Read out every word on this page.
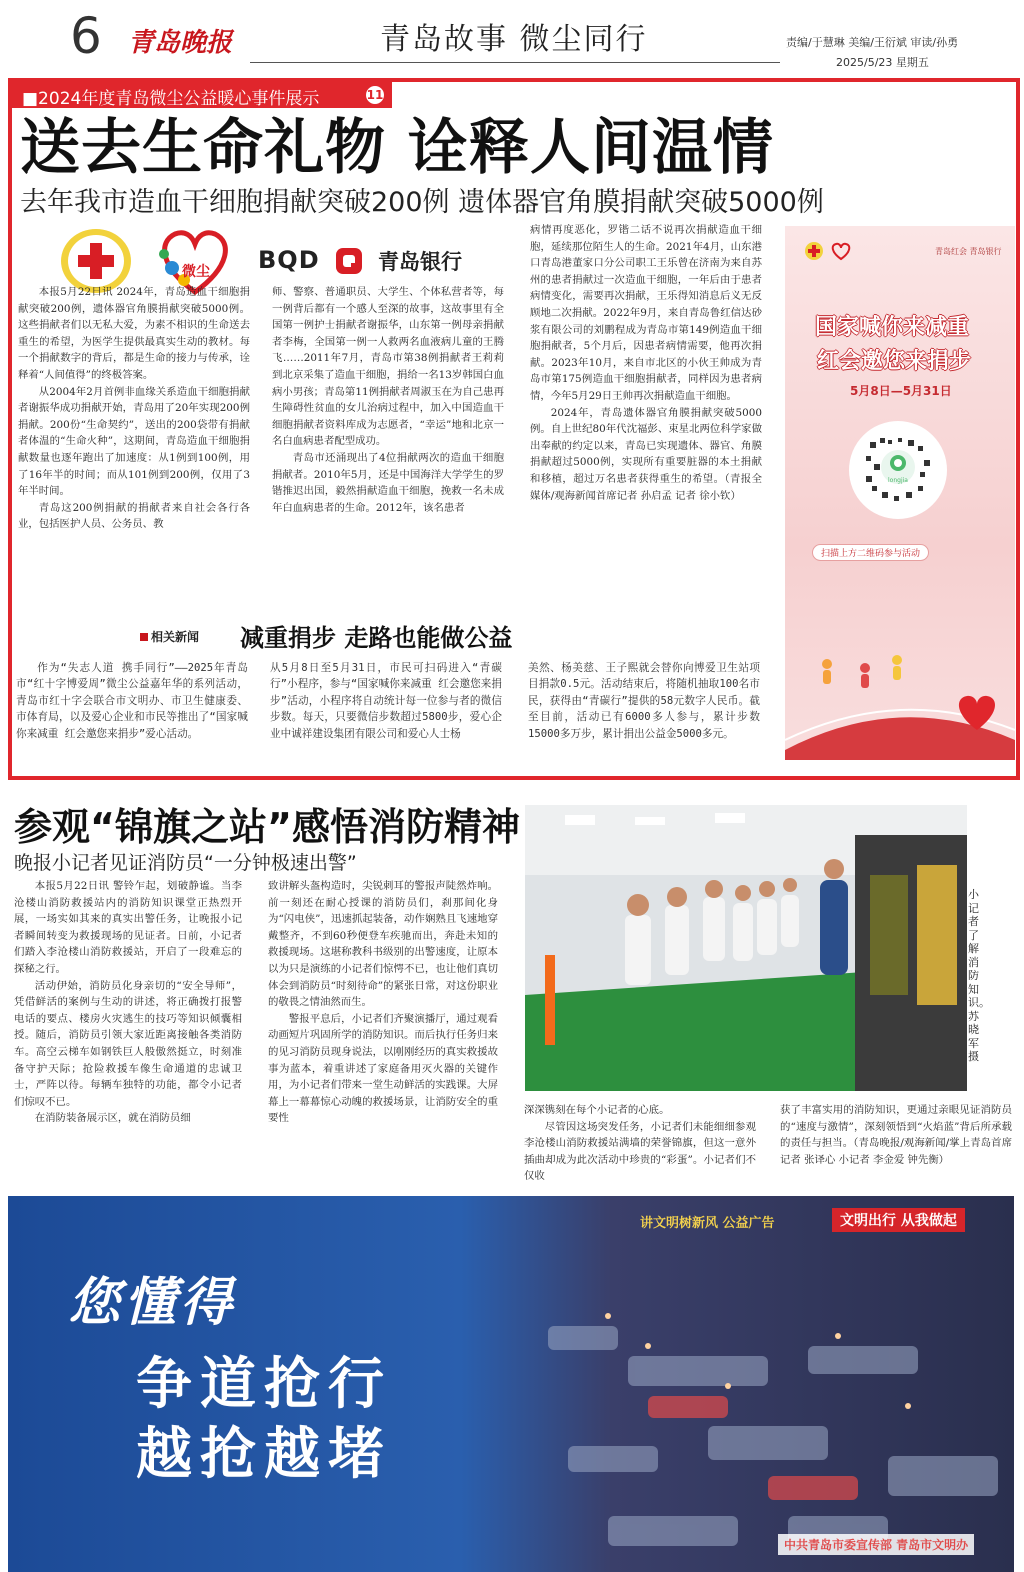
6 青岛晚报	青岛故事 微尘同行	责编/于慧琳 美编/王衍斌 审读/孙勇
2025/5/23 星期五
■2024年度青岛微尘公益暖心事件展示	11
送去生命礼物 诠释人间温情
去年我市造血干细胞捐献突破200例 遗体器官角膜捐献突破5000例
微尘 BQD	青岛银行

本报5月22日讯 2024年，青岛造血干细胞捐献突破200例，遗体器官角膜捐献突破5000例。这些捐献者们以无私大爱，为素不相识的生命送去重生的希望，为医学生提供最真实生动的教材。每一个捐献数字的背后，都是生命的接力与传承，诠释着“人间值得”的终极答案。

从2004年2月首例非血缘关系造血干细胞捐献者谢振华成功捐献开始，青岛用了20年实现200例捐献。200份“生命契约”，送出的200袋带有捐献者体温的“生命火种”，这期间，青岛造血干细胞捐献数量也逐年跑出了加速度：从1例到100例，用了16年半的时间；而从101例到200例，仅用了3年半时间。

青岛这200例捐献的捐献者来自社会各行各业，包括医护人员、公务员、教

师、警察、普通职员、大学生、个体私营者等，每一例背后都有一个感人至深的故事，这故事里有全国第一例护士捐献者谢振华，山东第一例母亲捐献者李梅，全国第一例一人救两名血液病儿童的王腾飞……2011年7月，青岛市第38例捐献者王莉莉到北京采集了造血干细胞，捐给一名13岁韩国白血病小男孩；青岛第11例捐献者周淑玉在为自己患再生障碍性贫血的女儿治病过程中，加入中国造血干细胞捐献者资料库成为志愿者，“幸运”地和北京一名白血病患者配型成功。

青岛市还涌现出了4位捐献两次的造血干细胞捐献者。2010年5月，还是中国海洋大学学生的罗锴推迟出国，毅然捐献造血干细胞，挽救一名未成年白血病患者的生命。2012年，该名患者

病情再度恶化，罗锴二话不说再次捐献造血干细胞，延续那位陌生人的生命。2021年4月，山东港口青岛港董家口分公司职工王乐曾在济南为来自苏州的患者捐献过一次造血干细胞，一年后由于患者病情变化，需要再次捐献，王乐得知消息后义无反顾地二次捐献。2022年9月，来自青岛鲁红信达砂浆有限公司的刘鹏程成为青岛市第149例造血干细胞捐献者，5个月后，因患者病情需要，他再次捐献。2023年10月，来自市北区的小伙王帅成为青岛市第175例造血干细胞捐献者，同样因为患者病情，今年5月29日王帅再次捐献造血干细胞。

2024年，青岛遗体器官角膜捐献突破5000例。自上世纪80年代沈福彭、束星北两位科学家做出奉献的约定以来，青岛已实现遗体、器官、角膜捐献超过5000例，实现所有重要脏器的本土捐献和移植，超过万名患者获得重生的希望。（青报全媒体/观海新闻首席记者 孙启孟 记者 徐小钦）

青岛红会 青岛银行
国家喊你来减重
红会邀您来捐步
5月8日—5月31日
longjia
扫描上方二维码参与活动
相关新闻 减重捐步 走路也能做公益

作为“失志人道 携手同行”——2025年青岛市“红十字博爱周”微尘公益嘉年华的系列活动，青岛市红十字会联合市文明办、市卫生健康委、市体育局，以及爱心企业和市民等推出了“国家喊你来减重 红会邀您来捐步”爱心活动。

从5月8日至5月31日，市民可扫码进入“青碳行”小程序，参与“国家喊你来减重 红会邀您来捐步”活动，小程序将自动统计每一位参与者的微信步数。每天，只要微信步数超过5800步，爱心企业中诚祥建设集团有限公司和爱心人士杨

美然、杨美慈、王子熙就会替你向博爱卫生站项目捐款0.5元。活动结束后，将随机抽取100名市民，获得由“青碳行”提供的58元数字人民币。截至目前，活动已有6000多人参与，累计步数15000多万步，累计捐出公益金5000多元。

参观“锦旗之站”感悟消防精神
晚报小记者见证消防员“一分钟极速出警”
小记者了解消防知识。苏晓军摄

本报5月22日讯 警铃乍起，划破静谧。当李沧楼山消防救援站内的消防知识课堂正热烈开展，一场实如其来的真实出警任务，让晚报小记者瞬间转变为救援现场的见证者。日前，小记者们踏入李沧楼山消防救援站，开启了一段难忘的探秘之行。

活动伊始，消防员化身亲切的“安全导师”，凭借鲜活的案例与生动的讲述，将正确拨打报警电话的要点、楼房火灾逃生的技巧等知识倾囊相授。随后，消防员引领大家近距离接触各类消防车。高空云梯车如钢铁巨人般傲然挺立，时刻准备守护天际；抢险救援车像生命通道的忠诚卫士，严阵以待。每辆车独特的功能，都令小记者们惊叹不已。

在消防装备展示区，就在消防员细

致讲解头盔构造时，尖锐刺耳的警报声陡然炸响。前一刻还在耐心授课的消防员们，刹那间化身为“闪电侠”，迅速抓起装备，动作娴熟且飞速地穿戴整齐，不到60秒便登车疾驰而出，奔赴未知的救援现场。这堪称教科书级别的出警速度，让原本以为只是演练的小记者们惊愕不已，也让他们真切体会到消防员“时刻待命”的紧张日常，对这份职业的敬畏之情油然而生。

警报平息后，小记者们齐聚演播厅，通过观看动画短片巩固所学的消防知识。而后执行任务归来的见习消防员现身说法，以刚刚经历的真实救援故事为蓝本，着重讲述了家庭备用灭火器的关键作用，为小记者们带来一堂生动鲜活的实践课。大屏幕上一幕幕惊心动魄的救援场景，让消防安全的重要性

深深镌刻在每个小记者的心底。

尽管因这场突发任务，小记者们未能细细参观李沧楼山消防救援站满墙的荣誉锦旗，但这一意外插曲却成为此次活动中珍贵的“彩蛋”。小记者们不仅收

获了丰富实用的消防知识，更通过亲眼见证消防员的“速度与激情”，深刻领悟到“火焰蓝”背后所承载的责任与担当。（青岛晚报/观海新闻/掌上青岛首席记者 张译心 小记者 李金爱 钟先衡）

讲文明树新风 公益广告	文明出行 从我做起
您懂得
争道抢行
越抢越堵
中共青岛市委宣传部 青岛市文明办
